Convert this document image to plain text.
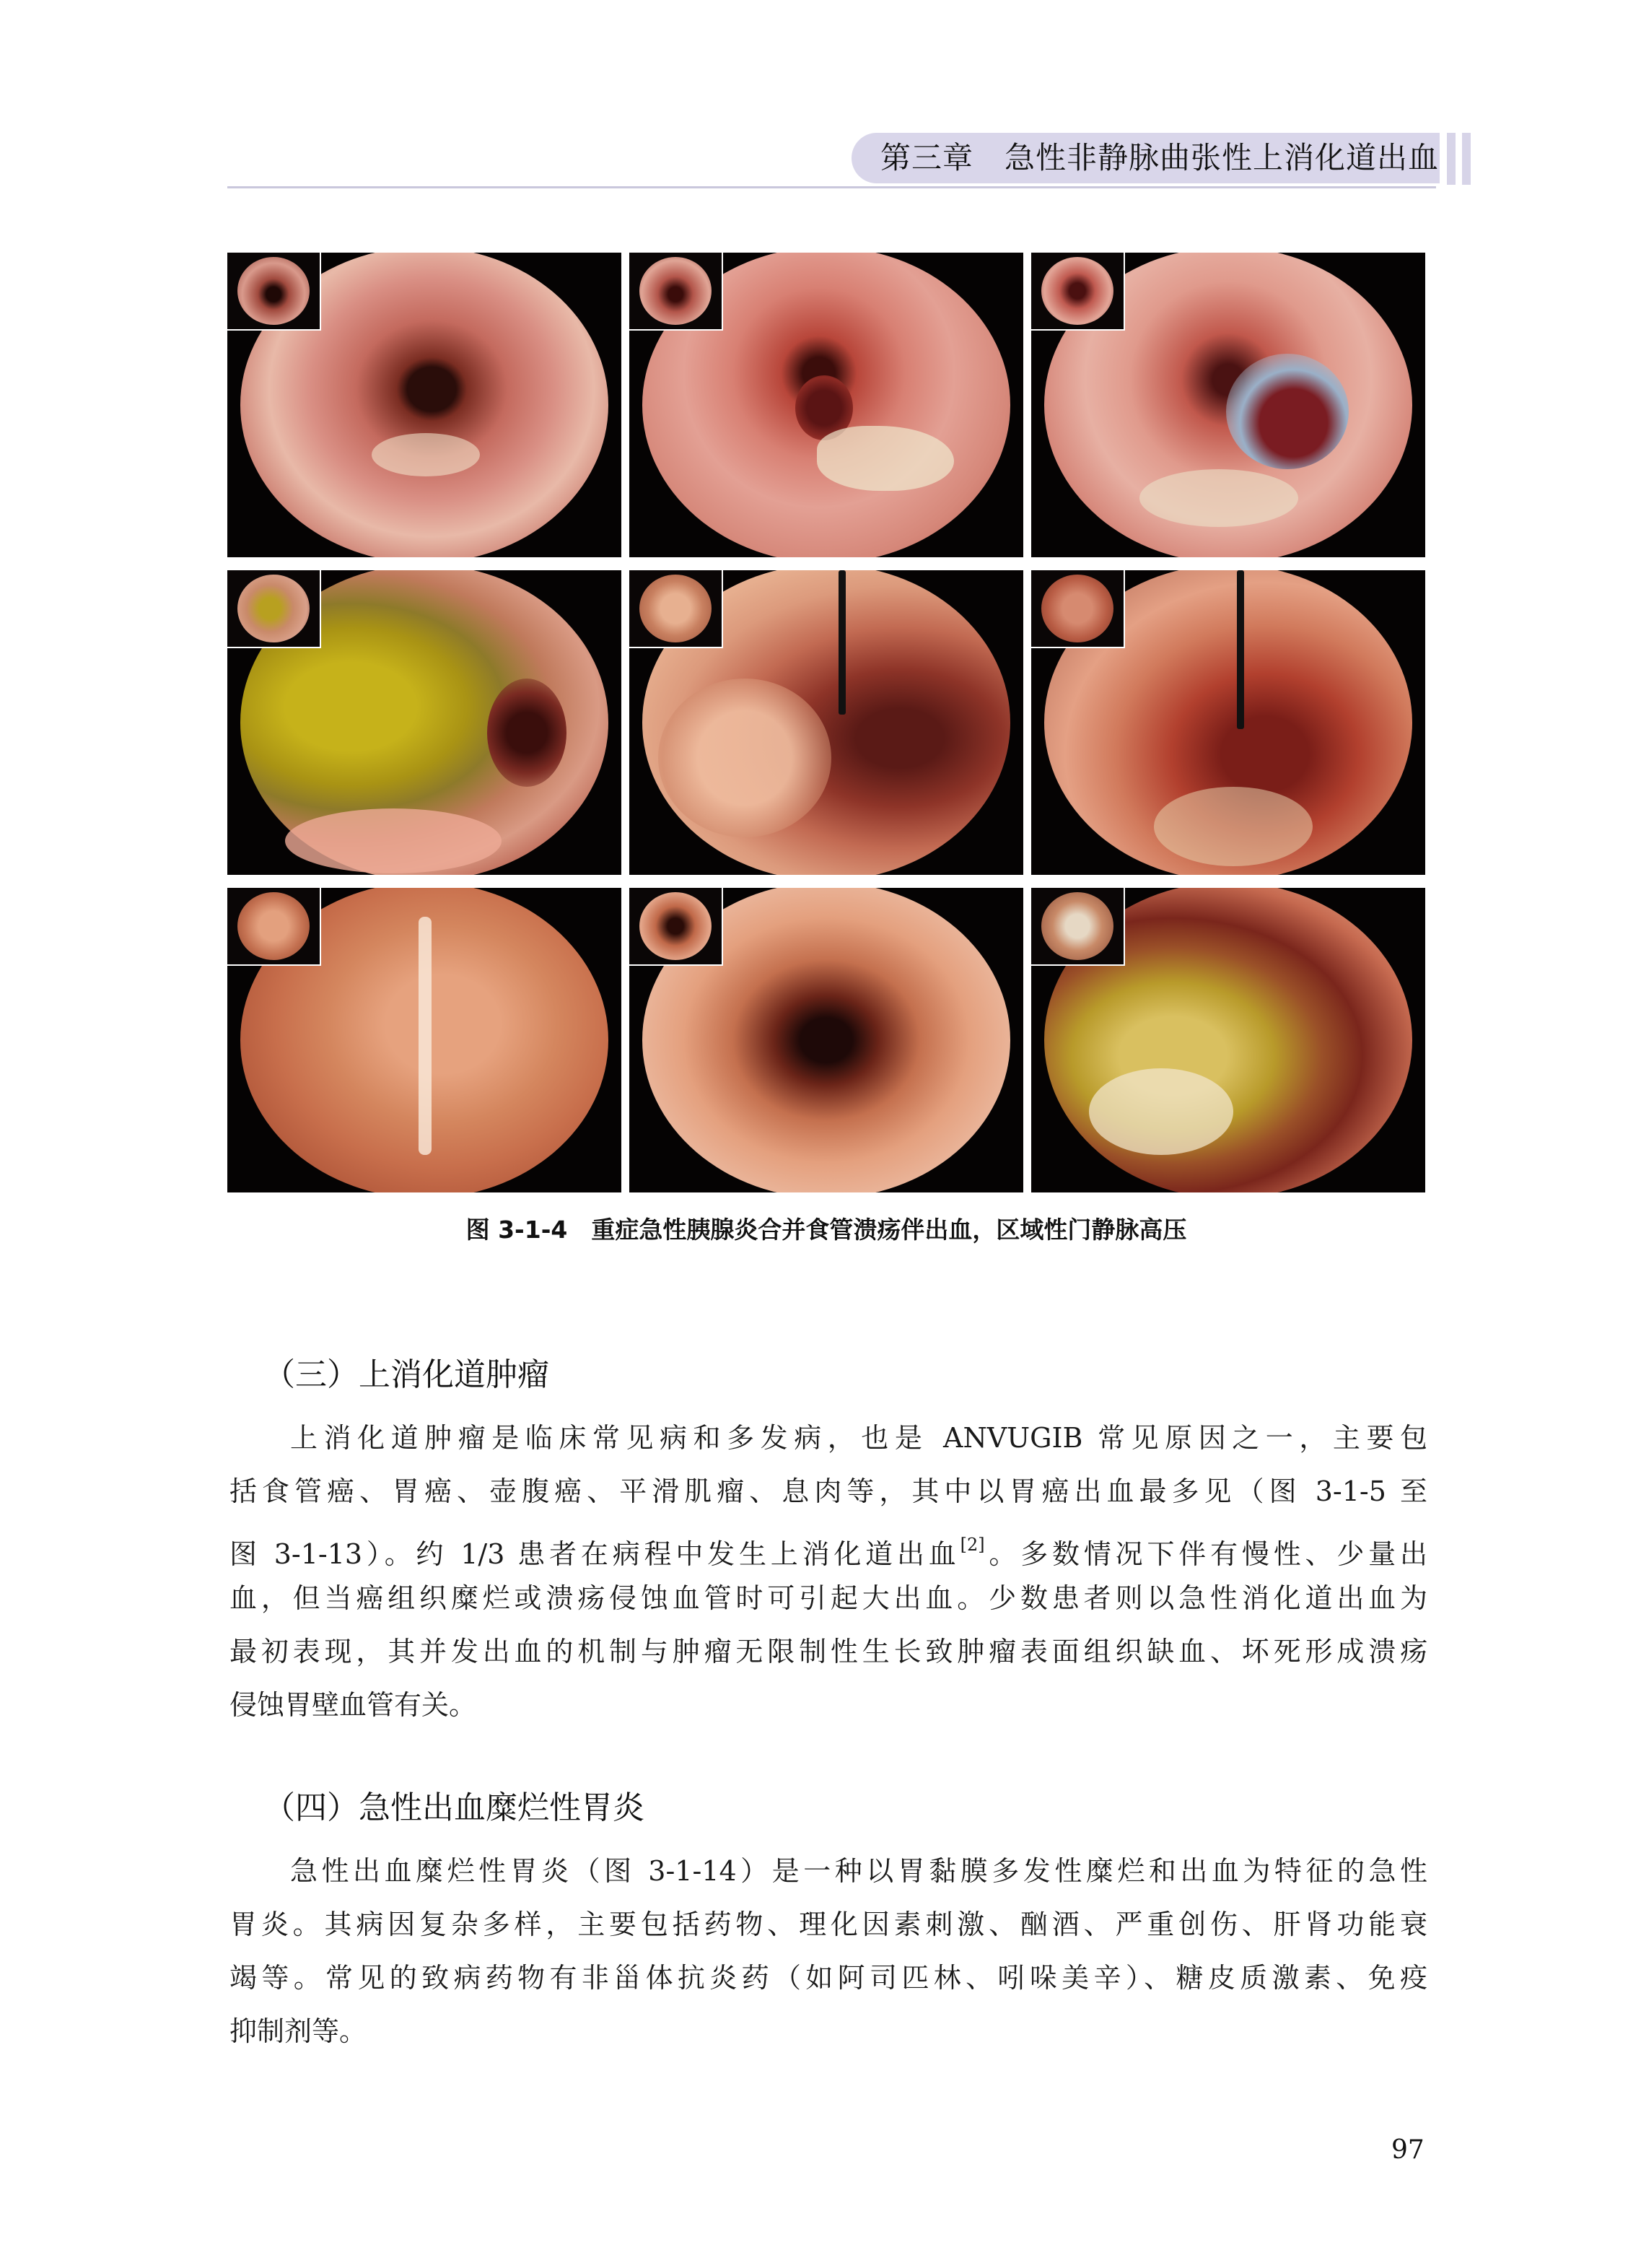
第三章　急性非静脉曲张性上消化道出血
图 3-1-4　重症急性胰腺炎合并食管溃疡伴出血，区域性门静脉高压
（三）上消化道肿瘤
上消化道肿瘤是临床常见病和多发病，也是 ANVUGIB 常见原因之一，主要包
括食管癌、胃癌、壶腹癌、平滑肌瘤、息肉等，其中以胃癌出血最多见（图 3-1-5 至
图 3-1-13）。约 1/3 患者在病程中发生上消化道出血[2]。多数情况下伴有慢性、少量出
血，但当癌组织糜烂或溃疡侵蚀血管时可引起大出血。少数患者则以急性消化道出血为
最初表现，其并发出血的机制与肿瘤无限制性生长致肿瘤表面组织缺血、坏死形成溃疡
侵蚀胃壁血管有关。
（四）急性出血糜烂性胃炎
急性出血糜烂性胃炎（图 3-1-14）是一种以胃黏膜多发性糜烂和出血为特征的急性
胃炎。其病因复杂多样，主要包括药物、理化因素刺激、酗酒、严重创伤、肝肾功能衰
竭等。常见的致病药物有非甾体抗炎药（如阿司匹林、吲哚美辛）、糖皮质激素、免疫
抑制剂等。
97
